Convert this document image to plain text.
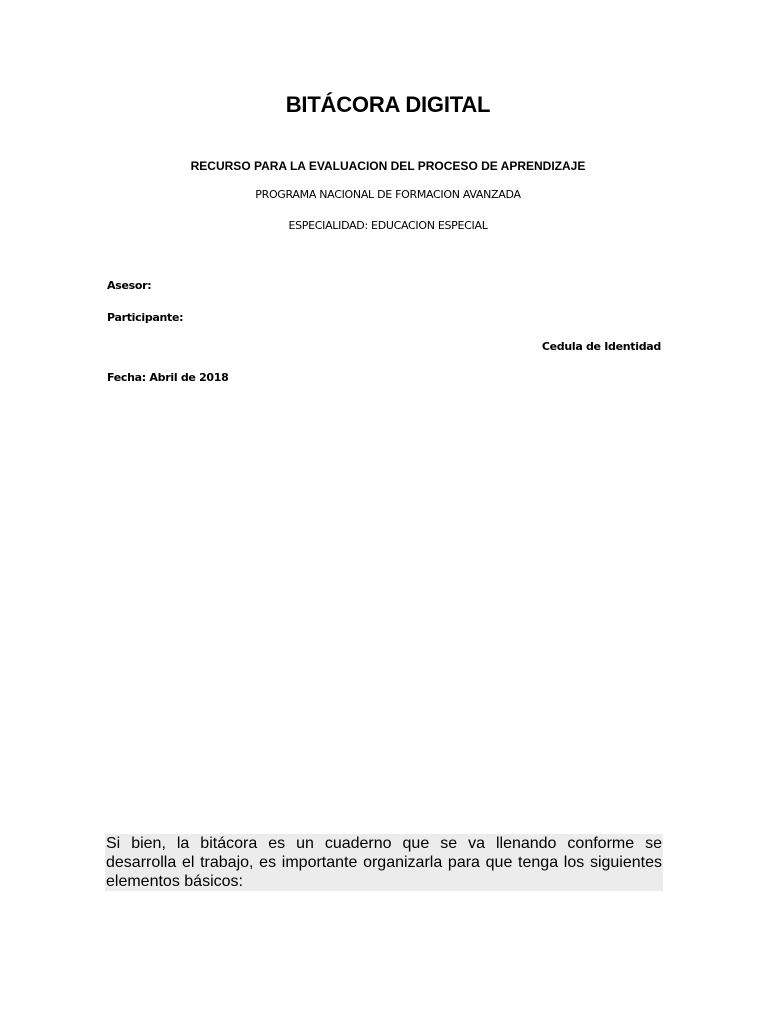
BITÁCORA DIGITAL
RECURSO PARA LA EVALUACION DEL PROCESO DE APRENDIZAJE
PROGRAMA NACIONAL DE FORMACION AVANZADA
ESPECIALIDAD: EDUCACION ESPECIAL
Asesor:
Participante:
Cedula de Identidad
Fecha: Abril de 2018
Si bien, la bitácora es un cuaderno que se va llenando conforme se
desarrolla el trabajo, es importante organizarla para que tenga los siguientes
elementos básicos:
